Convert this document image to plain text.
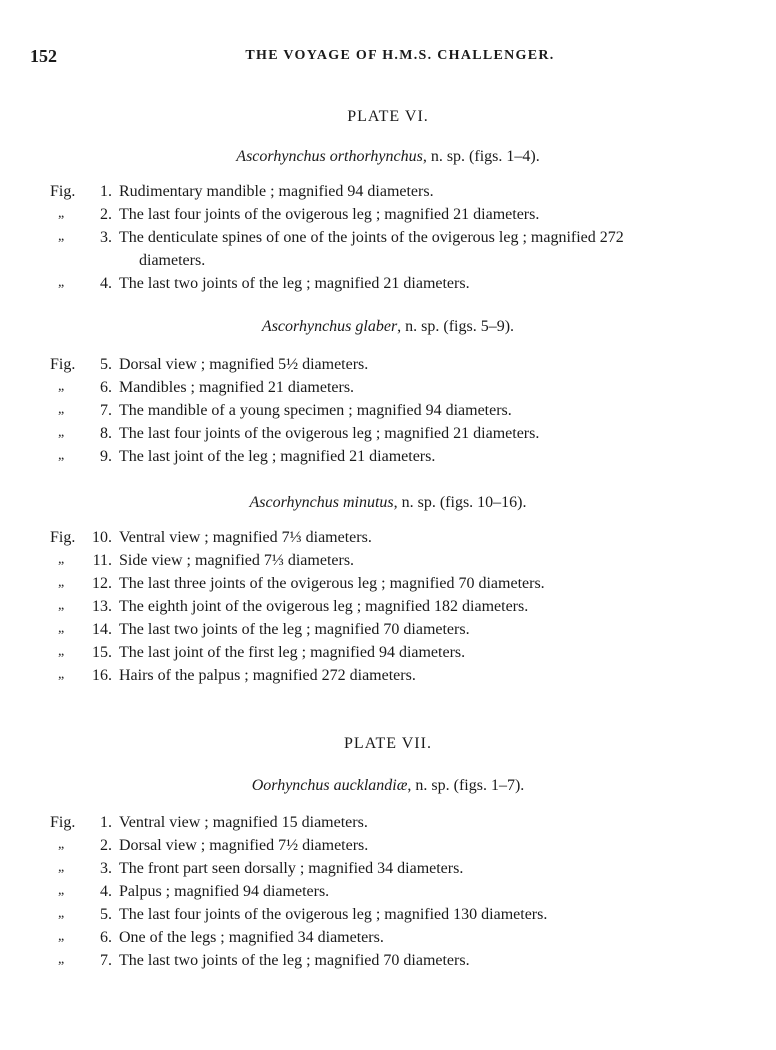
152	THE VOYAGE OF H.M.S. CHALLENGER.
PLATE VI.
Ascorhynchus orthorhynchus, n. sp. (figs. 1–4).
Fig.	1. Rudimentary mandible ; magnified 94 diameters.
„	2. The last four joints of the ovigerous leg ; magnified 21 diameters.
„	3. The denticulate spines of one of the joints of the ovigerous leg ; magnified 272
diameters.
„	4. The last two joints of the leg ; magnified 21 diameters.
Ascorhynchus glaber, n. sp. (figs. 5–9).
Fig.	5. Dorsal view ; magnified 5½ diameters.
„	6. Mandibles ; magnified 21 diameters.
„	7. The mandible of a young specimen ; magnified 94 diameters.
„	8. The last four joints of the ovigerous leg ; magnified 21 diameters.
„	9. The last joint of the leg ; magnified 21 diameters.
Ascorhynchus minutus, n. sp. (figs. 10–16).
Fig.	10. Ventral view ; magnified 7⅓ diameters.
„	11. Side view ; magnified 7⅓ diameters.
„	12. The last three joints of the ovigerous leg ; magnified 70 diameters.
„	13. The eighth joint of the ovigerous leg ; magnified 182 diameters.
„	14. The last two joints of the leg ; magnified 70 diameters.
„	15. The last joint of the first leg ; magnified 94 diameters.
„	16. Hairs of the palpus ; magnified 272 diameters.
PLATE VII.
Oorhynchus aucklandiæ, n. sp. (figs. 1–7).
Fig.	1. Ventral view ; magnified 15 diameters.
„	2. Dorsal view ; magnified 7½ diameters.
„	3. The front part seen dorsally ; magnified 34 diameters.
„	4. Palpus ; magnified 94 diameters.
„	5. The last four joints of the ovigerous leg ; magnified 130 diameters.
„	6. One of the legs ; magnified 34 diameters.
„	7. The last two joints of the leg ; magnified 70 diameters.
